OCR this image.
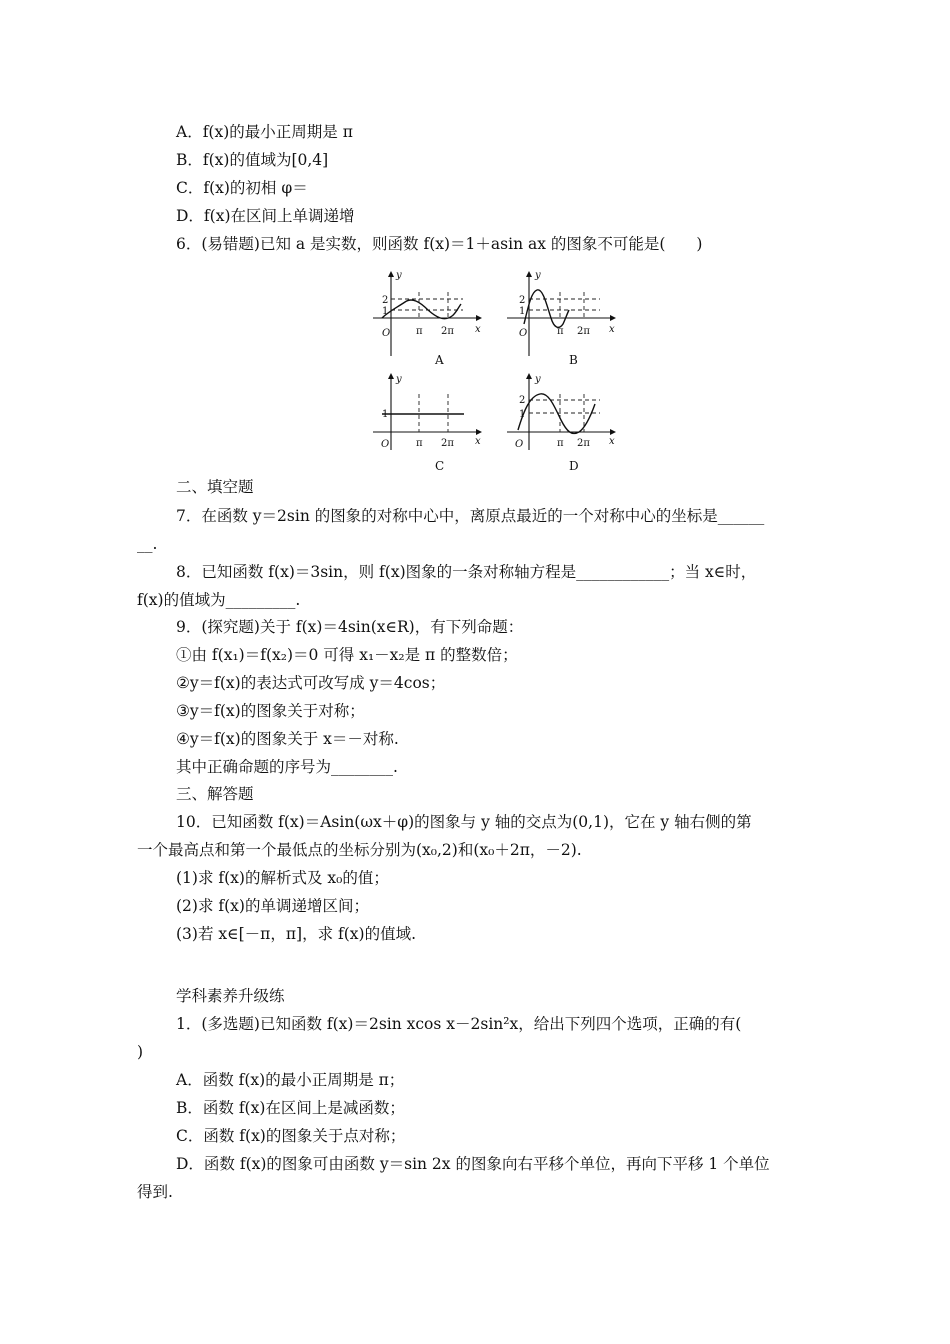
A．f(x)的最小正周期是 π
B．f(x)的值域为[0,4]
C．f(x)的初相 φ＝
D．f(x)在区间上单调递增
6．(易错题)已知 a 是实数，则函数 f(x)＝1＋asin ax 的图象不可能是(　　)
y
x
O
2
1
π 2π
A
y
x
O
2
1
π 2π
B
y
x
O
1
π 2π
C
y
x
O
2
1
π 2π
D
二、填空题
7．在函数 y＝2sin 的图象的对称中心中，离原点最近的一个对称中心的坐标是______
__.
8．已知函数 f(x)＝3sin，则 f(x)图象的一条对称轴方程是____________；当 x∈时，
f(x)的值域为_________.
9．(探究题)关于 f(x)＝4sin(x∈R)，有下列命题：
①由 f(x₁)＝f(x₂)＝0 可得 x₁－x₂是 π 的整数倍；
②y＝f(x)的表达式可改写成 y＝4cos；
③y＝f(x)的图象关于对称；
④y＝f(x)的图象关于 x＝－对称.
其中正确命题的序号为________.
三、解答题
10．已知函数 f(x)＝Asin(ωx＋φ)的图象与 y 轴的交点为(0,1)，它在 y 轴右侧的第
一个最高点和第一个最低点的坐标分别为(x₀,2)和(x₀＋2π，－2).
(1)求 f(x)的解析式及 x₀的值；
(2)求 f(x)的单调递增区间；
(3)若 x∈[－π，π]，求 f(x)的值域.
学科素养升级练
1．(多选题)已知函数 f(x)＝2sin xcos x－2sin²x，给出下列四个选项，正确的有(
)
A．函数 f(x)的最小正周期是 π；
B．函数 f(x)在区间上是减函数；
C．函数 f(x)的图象关于点对称；
D．函数 f(x)的图象可由函数 y＝sin 2x 的图象向右平移个单位，再向下平移 1 个单位
得到.
